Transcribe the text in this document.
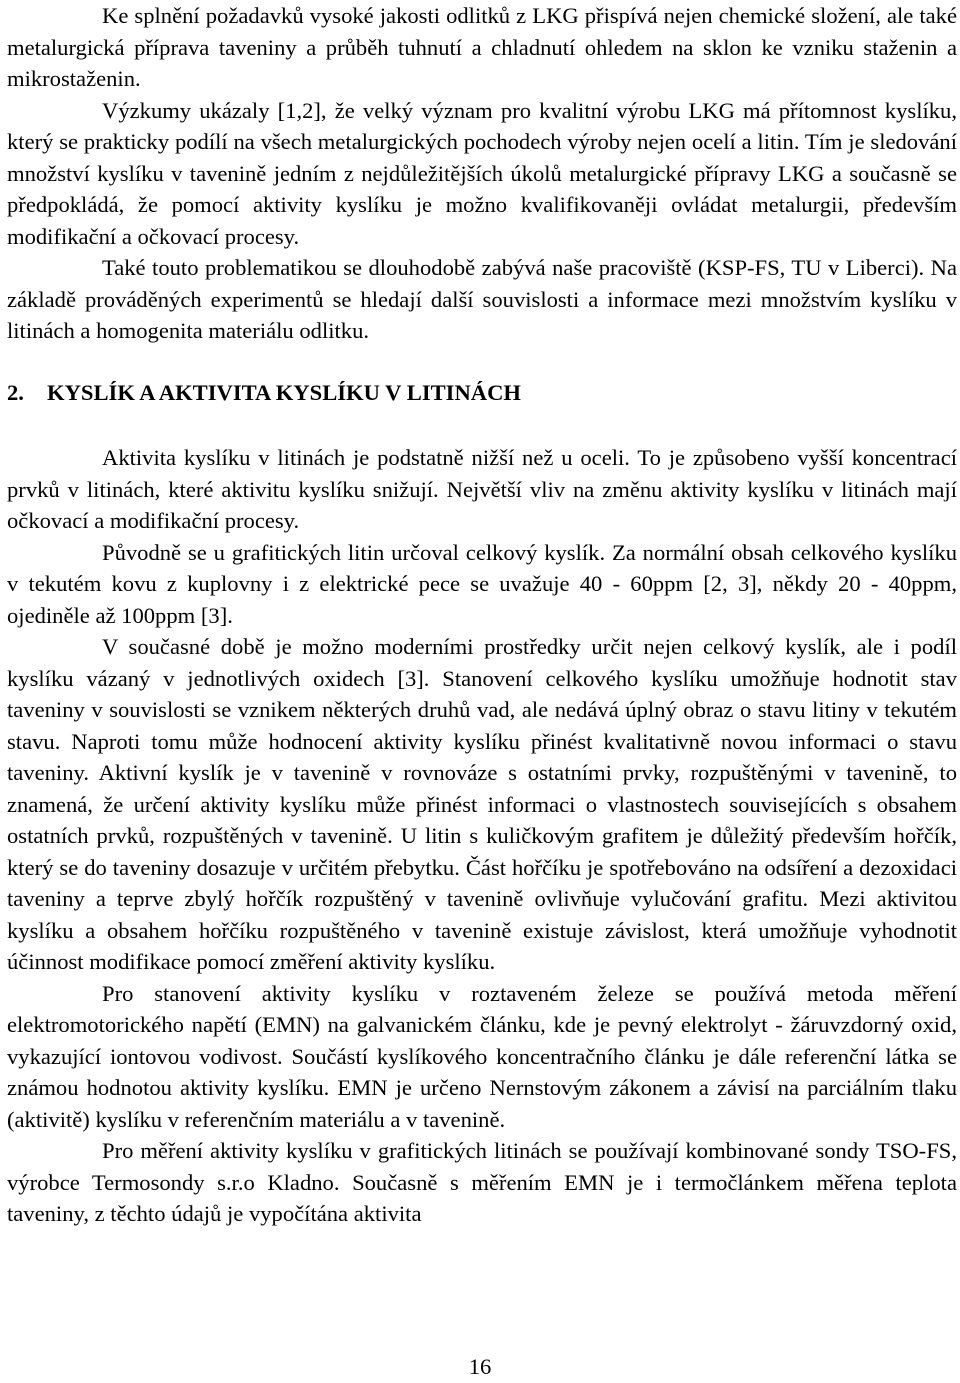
Ke splnění požadavků vysoké jakosti odlitků z LKG přispívá nejen chemické složení, ale také metalurgická příprava taveniny a průběh tuhnutí a chladnutí ohledem na sklon ke vzniku staženin a mikrostaženin.

Výzkumy ukázaly [1,2], že velký význam pro kvalitní výrobu LKG má přítomnost kyslíku, který se prakticky podílí na všech metalurgických pochodech výroby nejen ocelí a litin. Tím je sledování množství kyslíku v tavenině jedním z nejdůležitějších úkolů metalurgické přípravy LKG a současně se předpokládá, že pomocí aktivity kyslíku je možno kvalifikovaněji ovládat metalurgii, především modifikační a očkovací procesy.

Také touto problematikou se dlouhodobě zabývá naše pracoviště (KSP-FS, TU v Liberci). Na základě prováděných experimentů se hledají další souvislosti a informace mezi množstvím kyslíku v litinách a homogenita materiálu odlitku.

2.	KYSLÍK A AKTIVITA KYSLÍKU V LITINÁCH

Aktivita kyslíku v litinách je podstatně nižší než u oceli. To je způsobeno vyšší koncentrací prvků v litinách, které aktivitu kyslíku snižují. Největší vliv na změnu aktivity kyslíku v litinách mají očkovací a modifikační procesy.

Původně se u grafitických litin určoval celkový kyslík. Za normální obsah celkového kyslíku v tekutém kovu z kuplovny i z elektrické pece se uvažuje 40 - 60ppm [2, 3], někdy 20 - 40ppm, ojediněle až 100ppm [3].

V současné době je možno moderními prostředky určit nejen celkový kyslík, ale i podíl kyslíku vázaný v jednotlivých oxidech [3]. Stanovení celkového kyslíku umožňuje hodnotit stav taveniny v souvislosti se vznikem některých druhů vad, ale nedává úplný obraz o stavu litiny v tekutém stavu. Naproti tomu může hodnocení aktivity kyslíku přinést kvalitativně novou informaci o stavu taveniny. Aktivní kyslík je v tavenině v rovnováze s ostatními prvky, rozpuštěnými v tavenině, to znamená, že určení aktivity kyslíku může přinést informaci o vlastnostech souvisejících s obsahem ostatních prvků, rozpuštěných v tavenině. U litin s kuličkovým grafitem je důležitý především hořčík, který se do taveniny dosazuje v určitém přebytku. Část hořčíku je spotřebováno na odsíření a dezoxidaci taveniny a teprve zbylý hořčík rozpuštěný v tavenině ovlivňuje vylučování grafitu. Mezi aktivitou kyslíku a obsahem hořčíku rozpuštěného v tavenině existuje závislost, která umožňuje vyhodnotit účinnost modifikace pomocí změření aktivity kyslíku.

Pro stanovení aktivity kyslíku v roztaveném železe se používá metoda měření elektromotorického napětí (EMN) na galvanickém článku, kde je pevný elektrolyt - žáruvzdorný oxid, vykazující iontovou vodivost. Součástí kyslíkového koncentračního článku je dále referenční látka se známou hodnotou aktivity kyslíku. EMN je určeno Nernstovým zákonem a závisí na parciálním tlaku (aktivitě) kyslíku v referenčním materiálu a v tavenině.

Pro měření aktivity kyslíku v grafitických litinách se používají kombinované sondy TSO-FS, výrobce Termosondy s.r.o Kladno. Současně s měřením EMN je i termočlánkem měřena teplota taveniny, z těchto údajů je vypočítána aktivita

16
